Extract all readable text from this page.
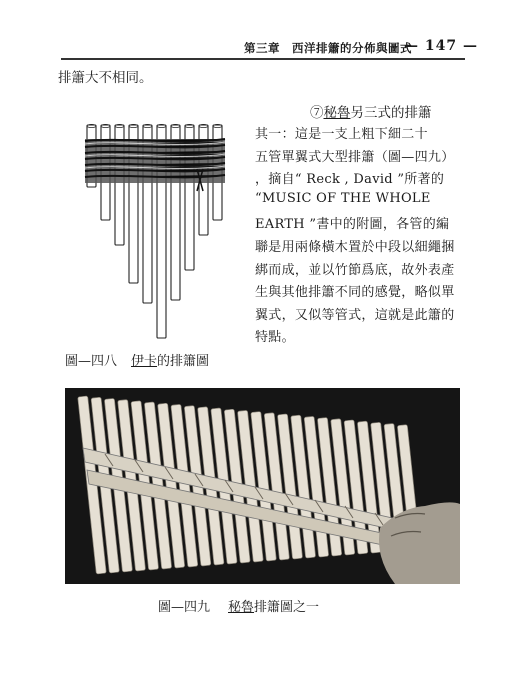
第三章　西洋排簫的分佈與圖式
— 147 —
排簫大不相同。
⑦秘魯另三式的排簫
其一：這是一支上粗下細二十
五管單翼式大型排簫（圖—四九）
，摘自“ Reck , David ”所著的
“MUSIC OF THE WHOLE
EARTH ”書中的附圖，各管的編
聯是用兩條橫木置於中段以細繩捆
綁而成，並以竹節爲底，故外表產
生與其他排簫不同的感覺，略似單
翼式，又似等管式，這就是此簫的
特點。
圖—四八 伊卡的排簫圖
圖—四九 秘魯排簫圖之一
